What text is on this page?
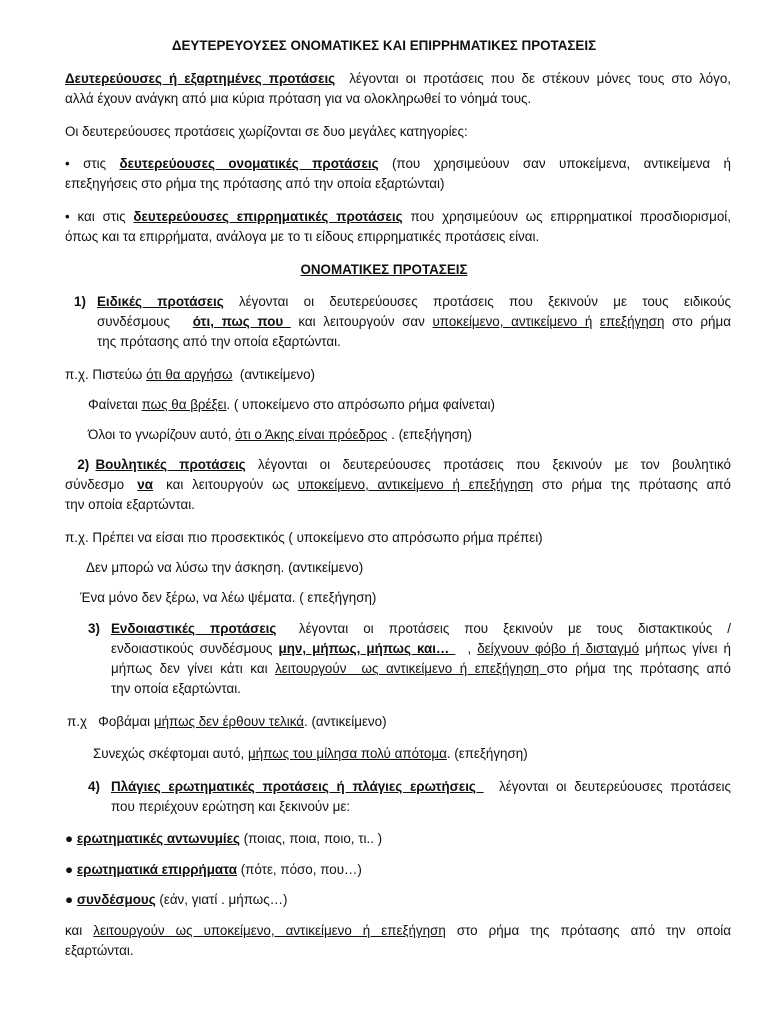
ΔΕΥΤΕΡΕΥΟΥΣΕΣ ΟΝΟΜΑΤΙΚΕΣ ΚΑΙ ΕΠΙΡΡΗΜΑΤΙΚΕΣ ΠΡΟΤΑΣΕΙΣ
Δευτερεύουσες ή εξαρτημένες προτάσεις  λέγονται οι προτάσεις που δε στέκουν μόνες τους στο λόγο,
αλλά έχουν ανάγκη από μια κύρια πρόταση για να ολοκληρωθεί το νόημά τους.
Οι δευτερεύουσες προτάσεις χωρίζονται σε δυο μεγάλες κατηγορίες:
•  στις  δευτερεύουσες  ονοματικές  προτάσεις  (που  χρησιμεύουν  σαν  υποκείμενα,  αντικείμενα  ή
επεξηγήσεις στο ρήμα της πρότασης από την οποία εξαρτώνται)
• και στις δευτερεύουσες επιρρηματικές προτάσεις που χρησιμεύουν ως επιρρηματικοί προσδιορισμοί,
όπως και τα επιρρήματα, ανάλογα με το τι είδους επιρρηματικές προτάσεις είναι.
ΟΝΟΜΑΤΙΚΕΣ ΠΡΟΤΑΣΕΙΣ
1) Ειδικές  προτάσεις  λέγονται  οι  δευτερεύουσες  προτάσεις  που  ξεκινούν  με  τους  ειδικούς
συνδέσμους   ότι, πως που  και λειτουργούν σαν υποκείμενο, αντικείμενο ή επεξήγηση στο ρήμα
της πρότασης από την οποία εξαρτώνται.
π.χ. Πιστεύω ότι θα αργήσω  (αντικείμενο)
Φαίνεται πως θα βρέξει. ( υποκείμενο στο απρόσωπο ρήμα φαίνεται)
Όλοι το γνωρίζουν αυτό, ότι ο Άκης είναι πρόεδρος . (επεξήγηση)
2) Βουλητικές  προτάσεις  λέγονται  οι  δευτερεύουσες  προτάσεις  που  ξεκινούν  με  τον  βουλητικό
σύνδεσμο   να   και  λειτουργούν  ως  υποκείμενο,  αντικείμενο  ή  επεξήγηση  στο  ρήμα  της  πρότασης  από
την οποία εξαρτώνται.
π.χ. Πρέπει να είσαι πιο προσεκτικός ( υποκείμενο στο απρόσωπο ρήμα πρέπει)
Δεν μπορώ να λύσω την άσκηση. (αντικείμενο)
Ένα μόνο δεν ξέρω, να λέω ψέματα. ( επεξήγηση)
3) Ενδοιαστικές  προτάσεις   λέγονται  οι  προτάσεις  που  ξεκινούν  με  τους  διστακτικούς  /
ενδοιαστικούς συνδέσμους μην, μήπως, μήπως και…   , δείχνουν φόβο ή δισταγμό μήπως γίνει ή
μήπως δεν γίνει κάτι και λειτουργούν  ως αντικείμενο ή επεξήγηση στο ρήμα της πρότασης από
την οποία εξαρτώνται.
π.χ   Φοβάμαι μήπως δεν έρθουν τελικά. (αντικείμενο)
Συνεχώς σκέφτομαι αυτό, μήπως του μίλησα πολύ απότομα. (επεξήγηση)
4) Πλάγιες ερωτηματικές προτάσεις ή πλάγιες ερωτήσεις   λέγονται οι δευτερεύουσες προτάσεις
που περιέχουν ερώτηση και ξεκινούν με:
● ερωτηματικές αντωνυμίες (ποιας, ποια, ποιο, τι.. )
● ερωτηματικά επιρρήματα (πότε, πόσο, που…)
● συνδέσμους (εάν, γιατί . μήπως…)
και  λειτουργούν  ως  υποκείμενο,  αντικείμενο  ή  επεξήγηση  στο  ρήμα  της  πρότασης  από  την  οποία
εξαρτώνται.
